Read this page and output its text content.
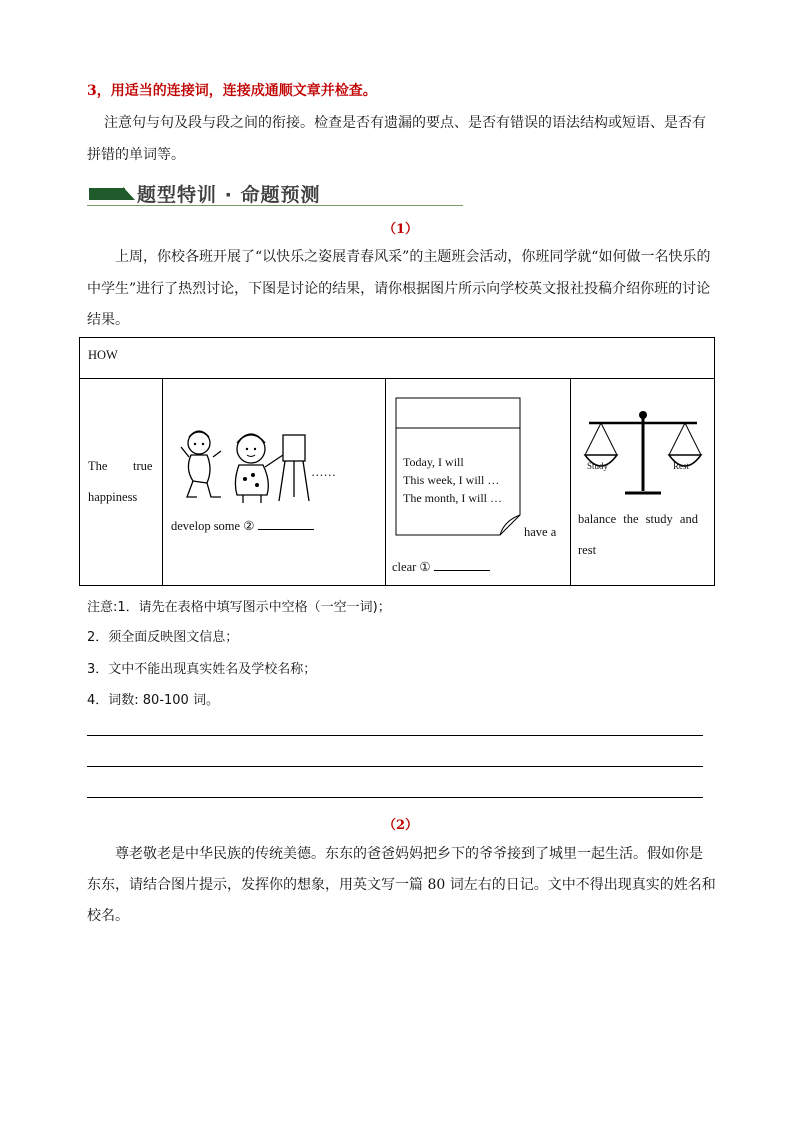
3，用适当的连接词，连接成通顺文章并检查。
注意句与句及段与段之间的衔接。检查是否有遗漏的要点、是否有错误的语法结构或短语、是否有
拼错的单词等。
题型特训 · 命题预测
（1）
上周，你校各班开展了“以快乐之姿展青春风采”的主题班会活动，你班同学就“如何做一名快乐的
中学生”进行了热烈讨论，下图是讨论的结果，请你根据图片所示向学校英文报社投稿介绍你班的讨论
结果。
HOW

The true
happiness

……
develop some ②

Today, I will
This week, I will …
The month, I will …
have a
clear ①

Study	Rest
balance the study and
rest
注意:1．请先在表格中填写图示中空格（一空一词)；
2．须全面反映图文信息；
3．文中不能出现真实姓名及学校名称；
4．词数: 80-100 词。
（2）
尊老敬老是中华民族的传统美德。东东的爸爸妈妈把乡下的爷爷接到了城里一起生活。假如你是
东东，请结合图片提示，发挥你的想象，用英文写一篇 80 词左右的日记。文中不得出现真实的姓名和
校名。
